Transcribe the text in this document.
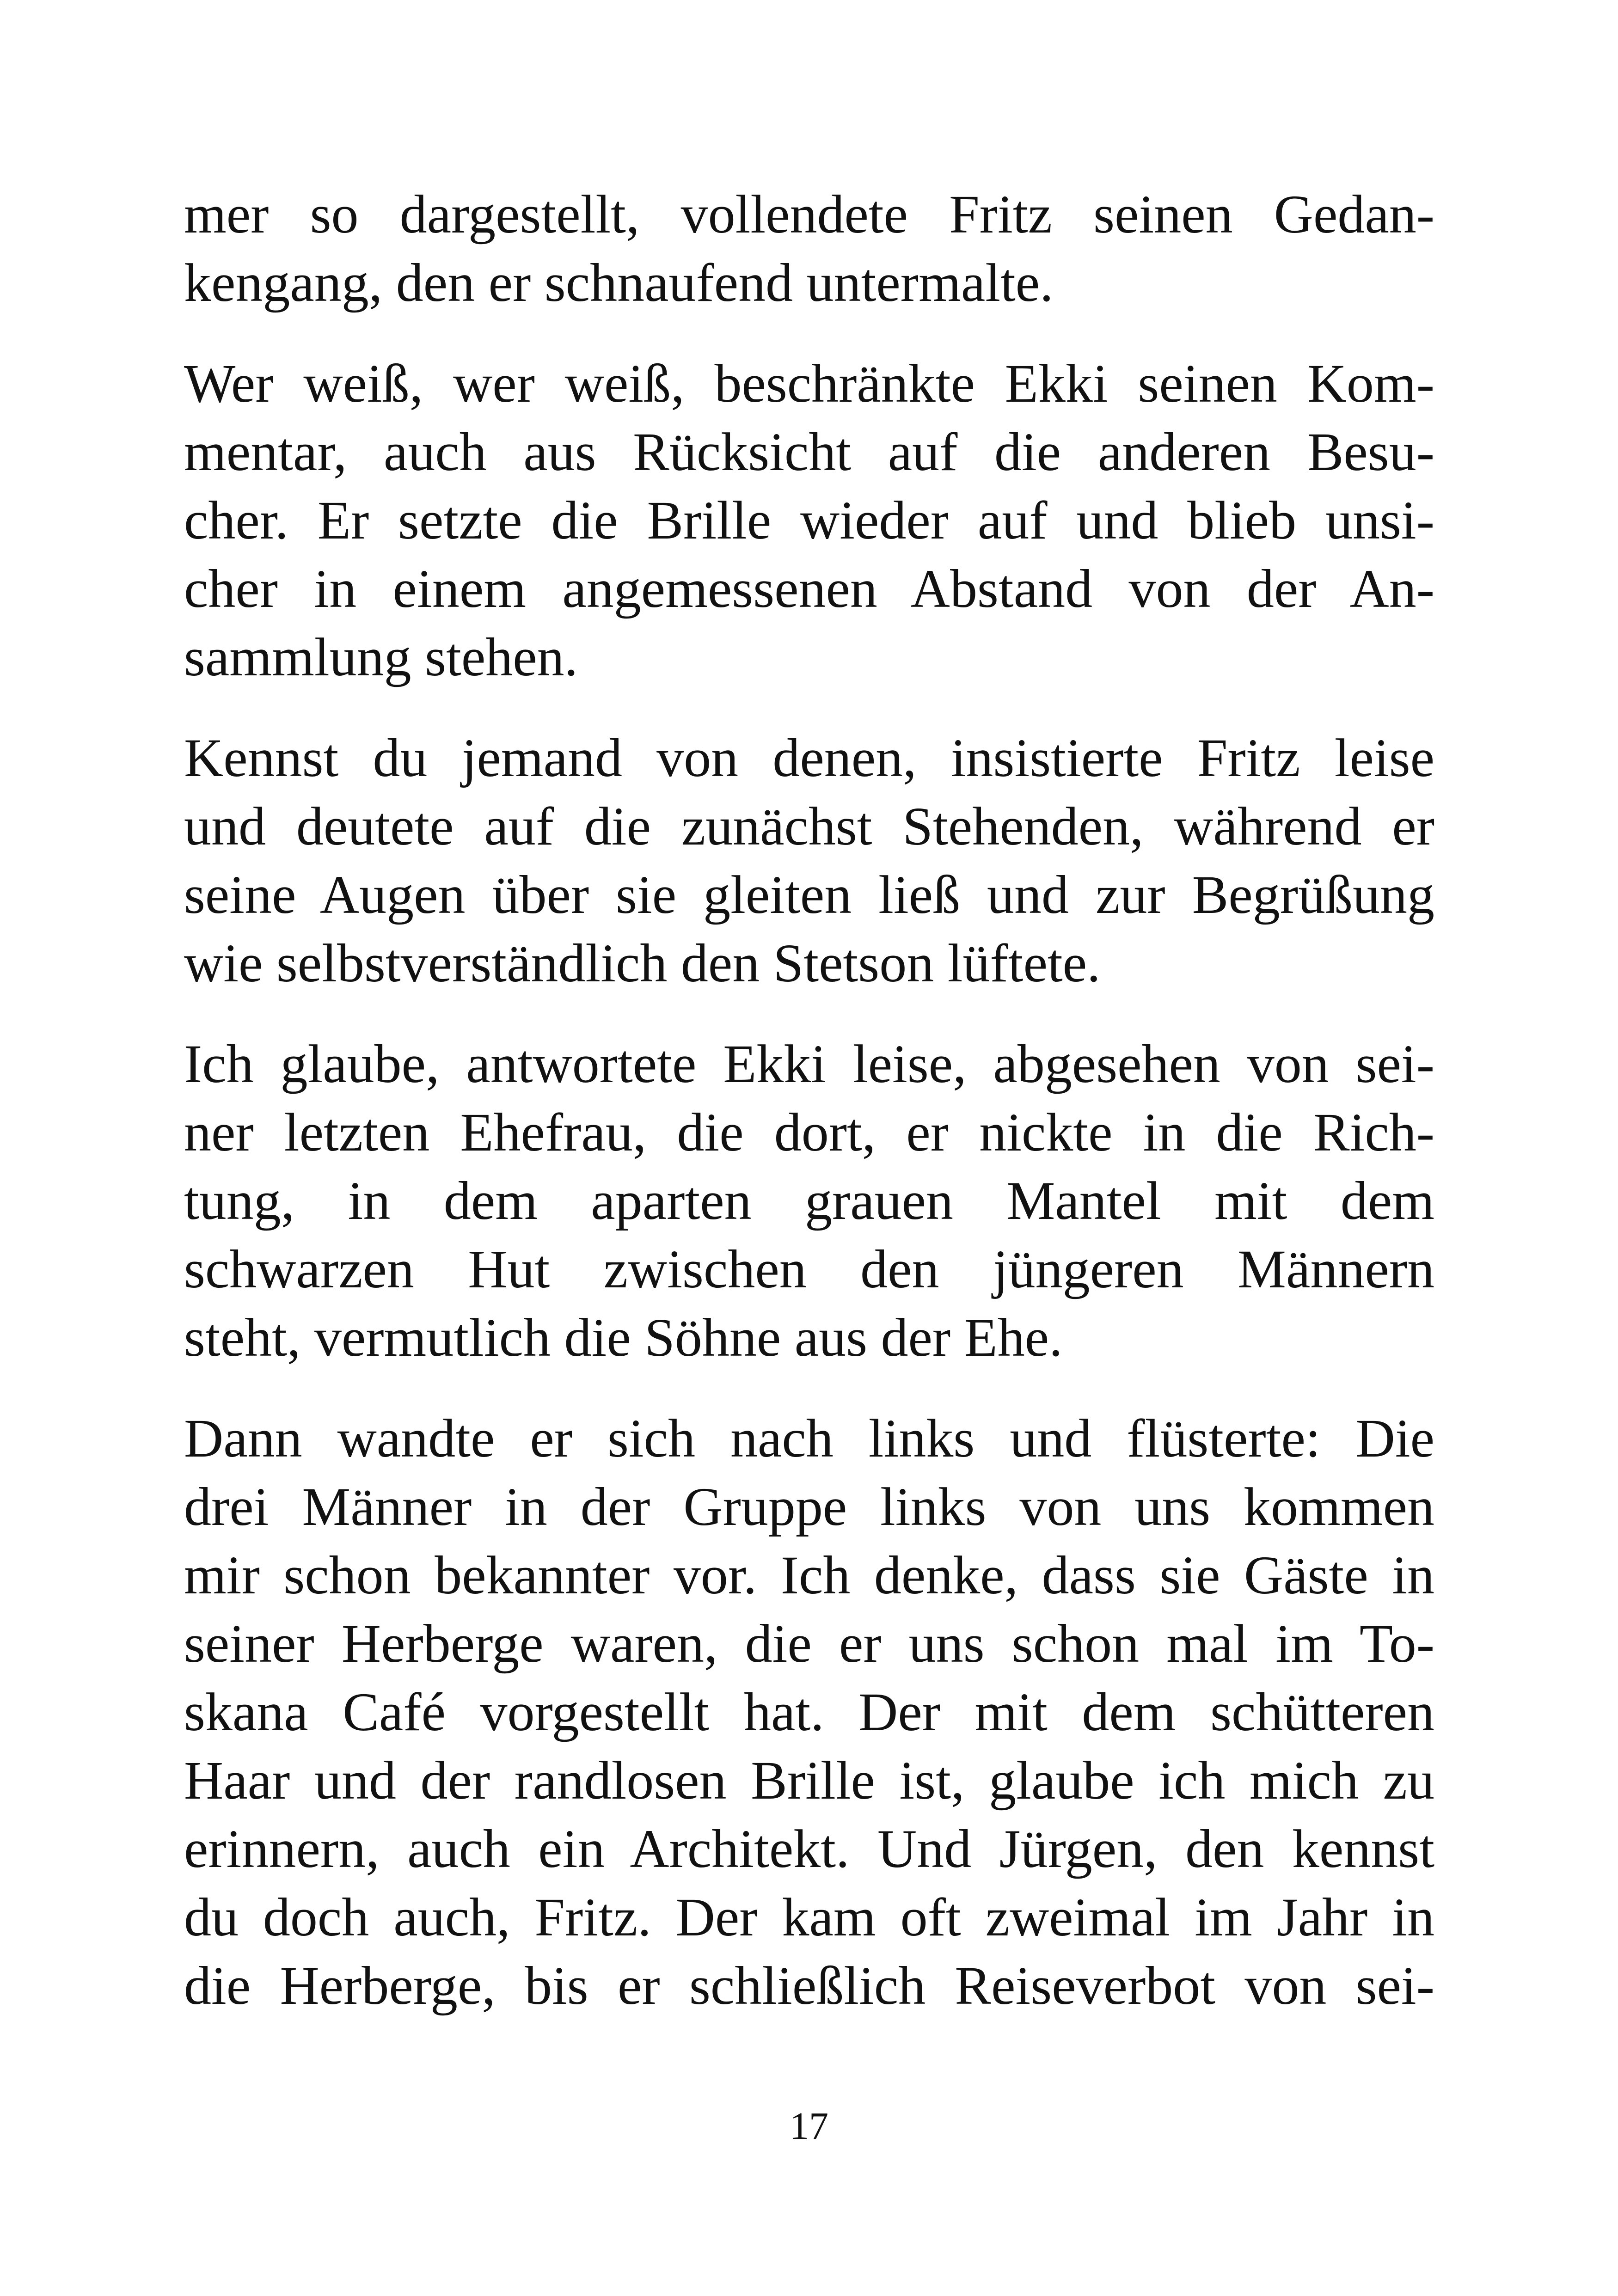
mer so dargestellt, vollendete Fritz seinen Gedan-
kengang, den er schnaufend untermalte.
Wer weiß, wer weiß, beschränkte Ekki seinen Kom-
mentar, auch aus Rücksicht auf die anderen Besu-
cher. Er setzte die Brille wieder auf und blieb unsi-
cher in einem angemessenen Abstand von der An-
sammlung stehen.
Kennst du jemand von denen, insistierte Fritz leise
und deutete auf die zunächst Stehenden, während er
seine Augen über sie gleiten ließ und zur Begrüßung
wie selbstverständlich den Stetson lüftete.
Ich glaube, antwortete Ekki leise, abgesehen von sei-
ner letzten Ehefrau, die dort, er nickte in die Rich-
tung, in dem aparten grauen Mantel mit dem
schwarzen Hut zwischen den jüngeren Männern
steht, vermutlich die Söhne aus der Ehe.
Dann wandte er sich nach links und flüsterte: Die
drei Männer in der Gruppe links von uns kommen
mir schon bekannter vor. Ich denke, dass sie Gäste in
seiner Herberge waren, die er uns schon mal im To-
skana Café vorgestellt hat. Der mit dem schütteren
Haar und der randlosen Brille ist, glaube ich mich zu
erinnern, auch ein Architekt. Und Jürgen, den kennst
du doch auch, Fritz. Der kam oft zweimal im Jahr in
die Herberge, bis er schließlich Reiseverbot von sei-
17
